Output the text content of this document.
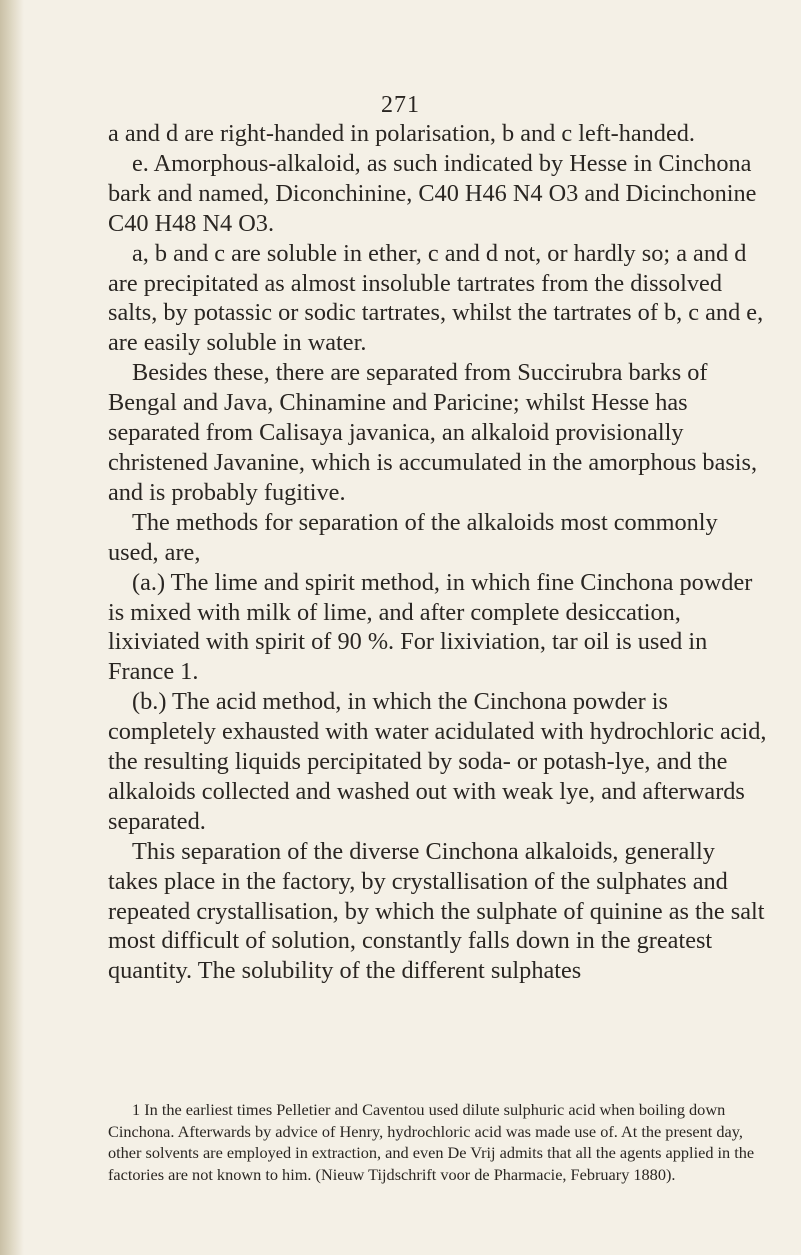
271

a and d are right-handed in polarisation, b and c left-handed.

e. Amorphous-alkaloid, as such indicated by Hesse in Cinchona bark and named, Diconchinine, C40 H46 N4 O3 and Dicinchonine C40 H48 N4 O3.

a, b and c are soluble in ether, c and d not, or hardly so; a and d are precipitated as almost insoluble tartrates from the dissolved salts, by potassic or sodic tartrates, whilst the tartrates of b, c and e, are easily soluble in water.

Besides these, there are separated from Succirubra barks of Bengal and Java, Chinamine and Paricine; whilst Hesse has separated from Calisaya javanica, an alkaloid provisionally christened Javanine, which is accumulated in the amorphous basis, and is probably fugitive.

The methods for separation of the alkaloids most commonly used, are,

(a.) The lime and spirit method, in which fine Cinchona powder is mixed with milk of lime, and after complete desiccation, lixiviated with spirit of 90 %. For lixiviation, tar oil is used in France 1.

(b.) The acid method, in which the Cinchona powder is completely exhausted with water acidulated with hydrochloric acid, the resulting liquids percipitated by soda- or potash-lye, and the alkaloids collected and washed out with weak lye, and afterwards separated.

This separation of the diverse Cinchona alkaloids, generally takes place in the factory, by crystallisation of the sulphates and repeated crystallisation, by which the sulphate of quinine as the salt most difficult of solution, constantly falls down in the greatest quantity. The solubility of the different sulphates

1 In the earliest times Pelletier and Caventou used dilute sulphuric acid when boiling down Cinchona. Afterwards by advice of Henry, hydrochloric acid was made use of. At the present day, other solvents are employed in extraction, and even De Vrij admits that all the agents applied in the factories are not known to him. (Nieuw Tijdschrift voor de Pharmacie, February 1880).
